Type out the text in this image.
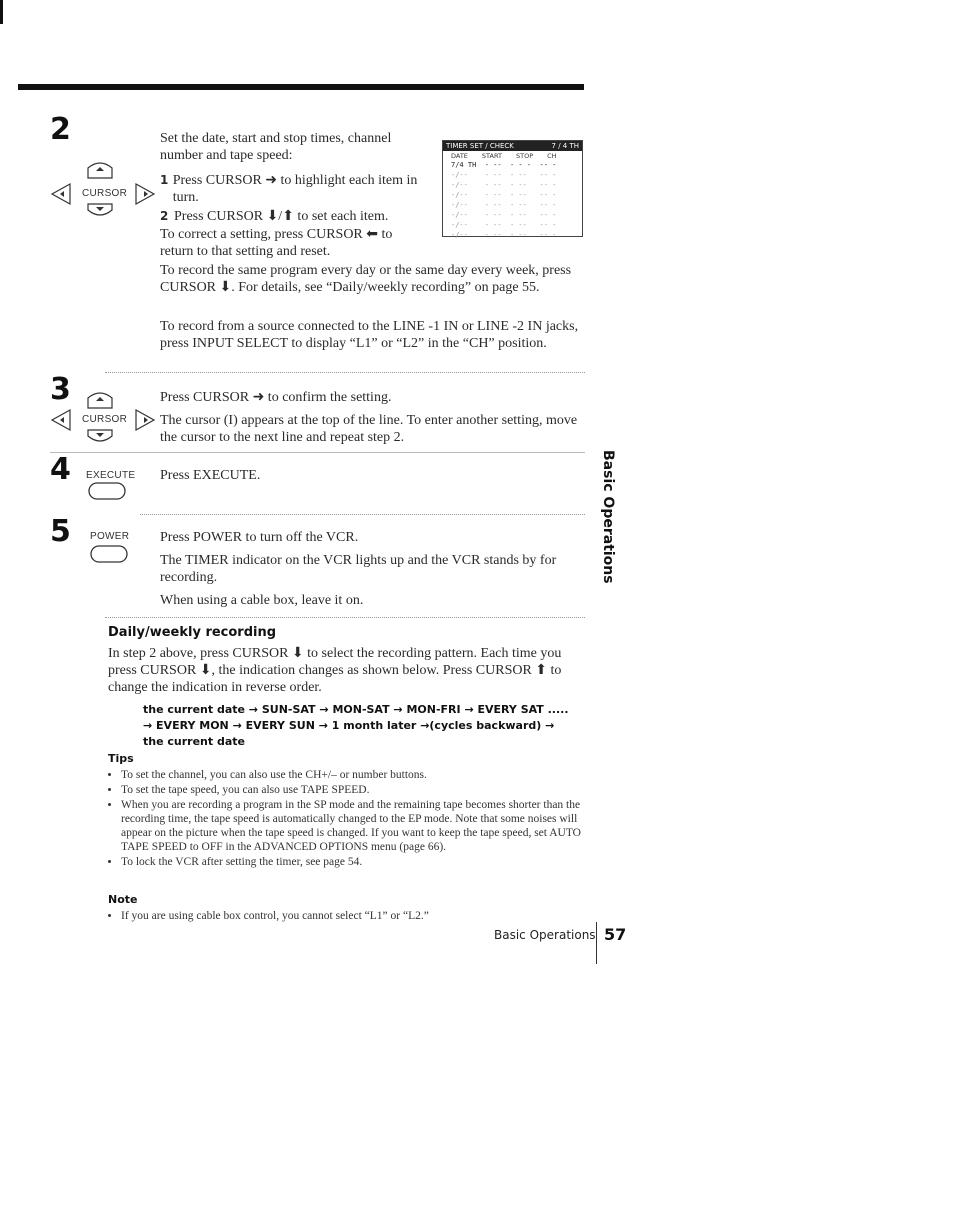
2
CURSOR

Set the date, start and stop times, channel number and tape speed:

1 Press CURSOR ➜ to highlight each item in turn.
2 Press CURSOR ⬇/⬆ to set each item.

To correct a setting, press CURSOR ⬅ to return to that setting and reset.

TIMER SET / CHECK	7 / 4 TH
DATE START STOP CH
7/4 TH  - --  - - -  -- -
-/--    - --  - --   -- -
-/--    - --  - --   -- -
-/--    - --  - --   -- -
-/--    - --  - --   -- -
-/--    - --  - --   -- -
-/--    - --  - --   -- -
-/--    - --  - --   -- -

To record the same program every day or the same day every week, press CURSOR ⬇. For details, see “Daily/weekly recording” on page 55.

To record from a source connected to the LINE -1 IN or LINE -2 IN jacks, press INPUT SELECT to display “L1” or “L2” in the “CH” position.

3
CURSOR

Press CURSOR ➜ to confirm the setting.

The cursor (I) appears at the top of the line. To enter another setting, move the cursor to the next line and repeat step 2.

4 EXECUTE Press EXECUTE.

5 POWER Press POWER to turn off the VCR.

The TIMER indicator on the VCR lights up and the VCR stands by for recording.

When using a cable box, leave it on.

Daily/weekly recording

In step 2 above, press CURSOR ⬇ to select the recording pattern. Each time you press CURSOR ⬇, the indication changes as shown below. Press CURSOR ⬆ to change the indication in reverse order.

the current date → SUN-SAT → MON-SAT → MON-FRI → EVERY SAT .....
→ EVERY MON → EVERY SUN → 1 month later →(cycles backward) →
the current date
Tips
• To set the channel, you can also use the CH+/– or number buttons.
• To set the tape speed, you can also use TAPE SPEED.
• When you are recording a program in the SP mode and the remaining tape becomes shorter than the recording time, the tape speed is automatically changed to the EP mode. Note that some noises will appear on the picture when the tape speed is changed. If you want to keep the tape speed, set AUTO TAPE SPEED to OFF in the ADVANCED OPTIONS menu (page 66).
• To lock the VCR after setting the timer, see page 54.
Note
• If you are using cable box control, you cannot select “L1” or “L2.”
Basic Operations
Basic Operations 57
